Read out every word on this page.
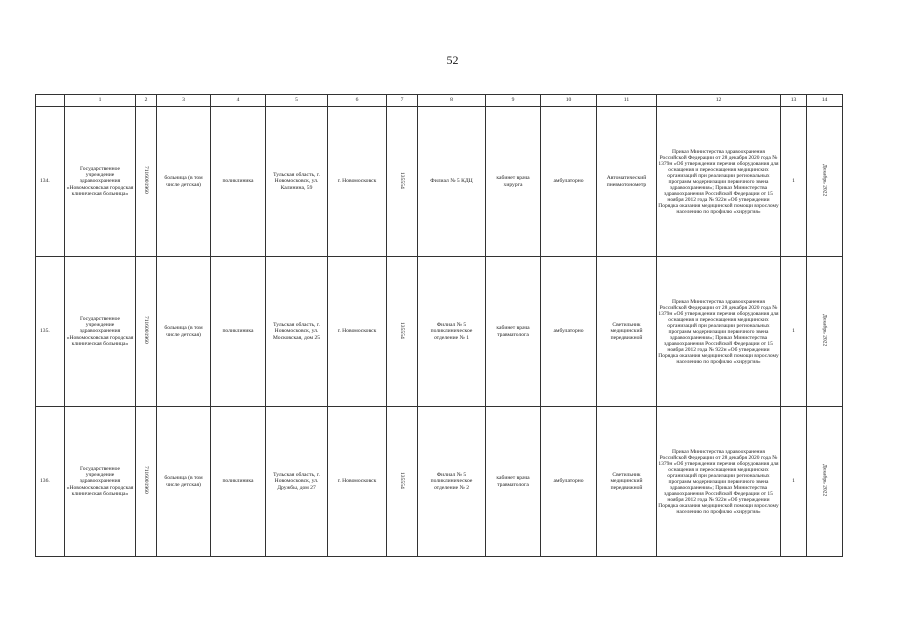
52
	1	2	3	4	5	6	7	8	9	10	11	12	13	14
134.	Государственное учреждение здравоохранения «Новомосковская городская клиническая больница»	7116001960	больница (в том числе детская)	поликлиника	Тульская область, г. Новомосковск, ул. Калинина, 59	г. Новомосковск	135554	Филиал № 5 КДЦ	кабинет врача хирурга	амбулаторно	Автоматический пневмотонометр	Приказ Министерства здравоохранения Российской Федерации от 28 декабря 2020 года № 1379н «Об утверждении перечня оборудования для оснащения и переоснащения медицинских организаций при реализации региональных программ модернизации первичного звена здравоохранения»; Приказ Министерства здравоохранения Российской Федерации от 15 ноября 2012 года № 922н «Об утверждении Порядка оказания медицинской помощи взрослому населению по профилю «хирургия»	1	Декабрь 2022
135.	Государственное учреждение здравоохранения «Новомосковская городская клиническая больница»	7116001960	больница (в том числе детская)	поликлиника	Тульская область, г. Новомосковск, ул. Московская, дом 25	г. Новомосковск	135554	Филиал № 5 поликлиническое отделение № 1	кабинет врача травматолога	амбулаторно	Светильник медицинский передвижной	Приказ Министерства здравоохранения Российской Федерации от 28 декабря 2020 года № 1379н «Об утверждении перечня оборудования для оснащения и переоснащения медицинских организаций при реализации региональных программ модернизации первичного звена здравоохранения»; Приказ Министерства здравоохранения Российской Федерации от 15 ноября 2012 года № 922н «Об утверждении Порядка оказания медицинской помощи взрослому населению по профилю «хирургия»	1	Декабрь 2022
136.	Государственное учреждение здравоохранения «Новомосковская городская клиническая больница»	7116001960	больница (в том числе детская)	поликлиника	Тульская область, г. Новомосковск, ул. Дружбы, дом 27	г. Новомосковск	135554	Филиал № 5 поликлиническое отделение № 2	кабинет врача травматолога	амбулаторно	Светильник медицинский передвижной	Приказ Министерства здравоохранения Российской Федерации от 28 декабря 2020 года № 1379н «Об утверждении перечня оборудования для оснащения и переоснащения медицинских организаций при реализации региональных программ модернизации первичного звена здравоохранения»; Приказ Министерства здравоохранения Российской Федерации от 15 ноября 2012 года № 922н «Об утверждении Порядка оказания медицинской помощи взрослому населению по профилю «хирургия»	1	Декабрь 2022
